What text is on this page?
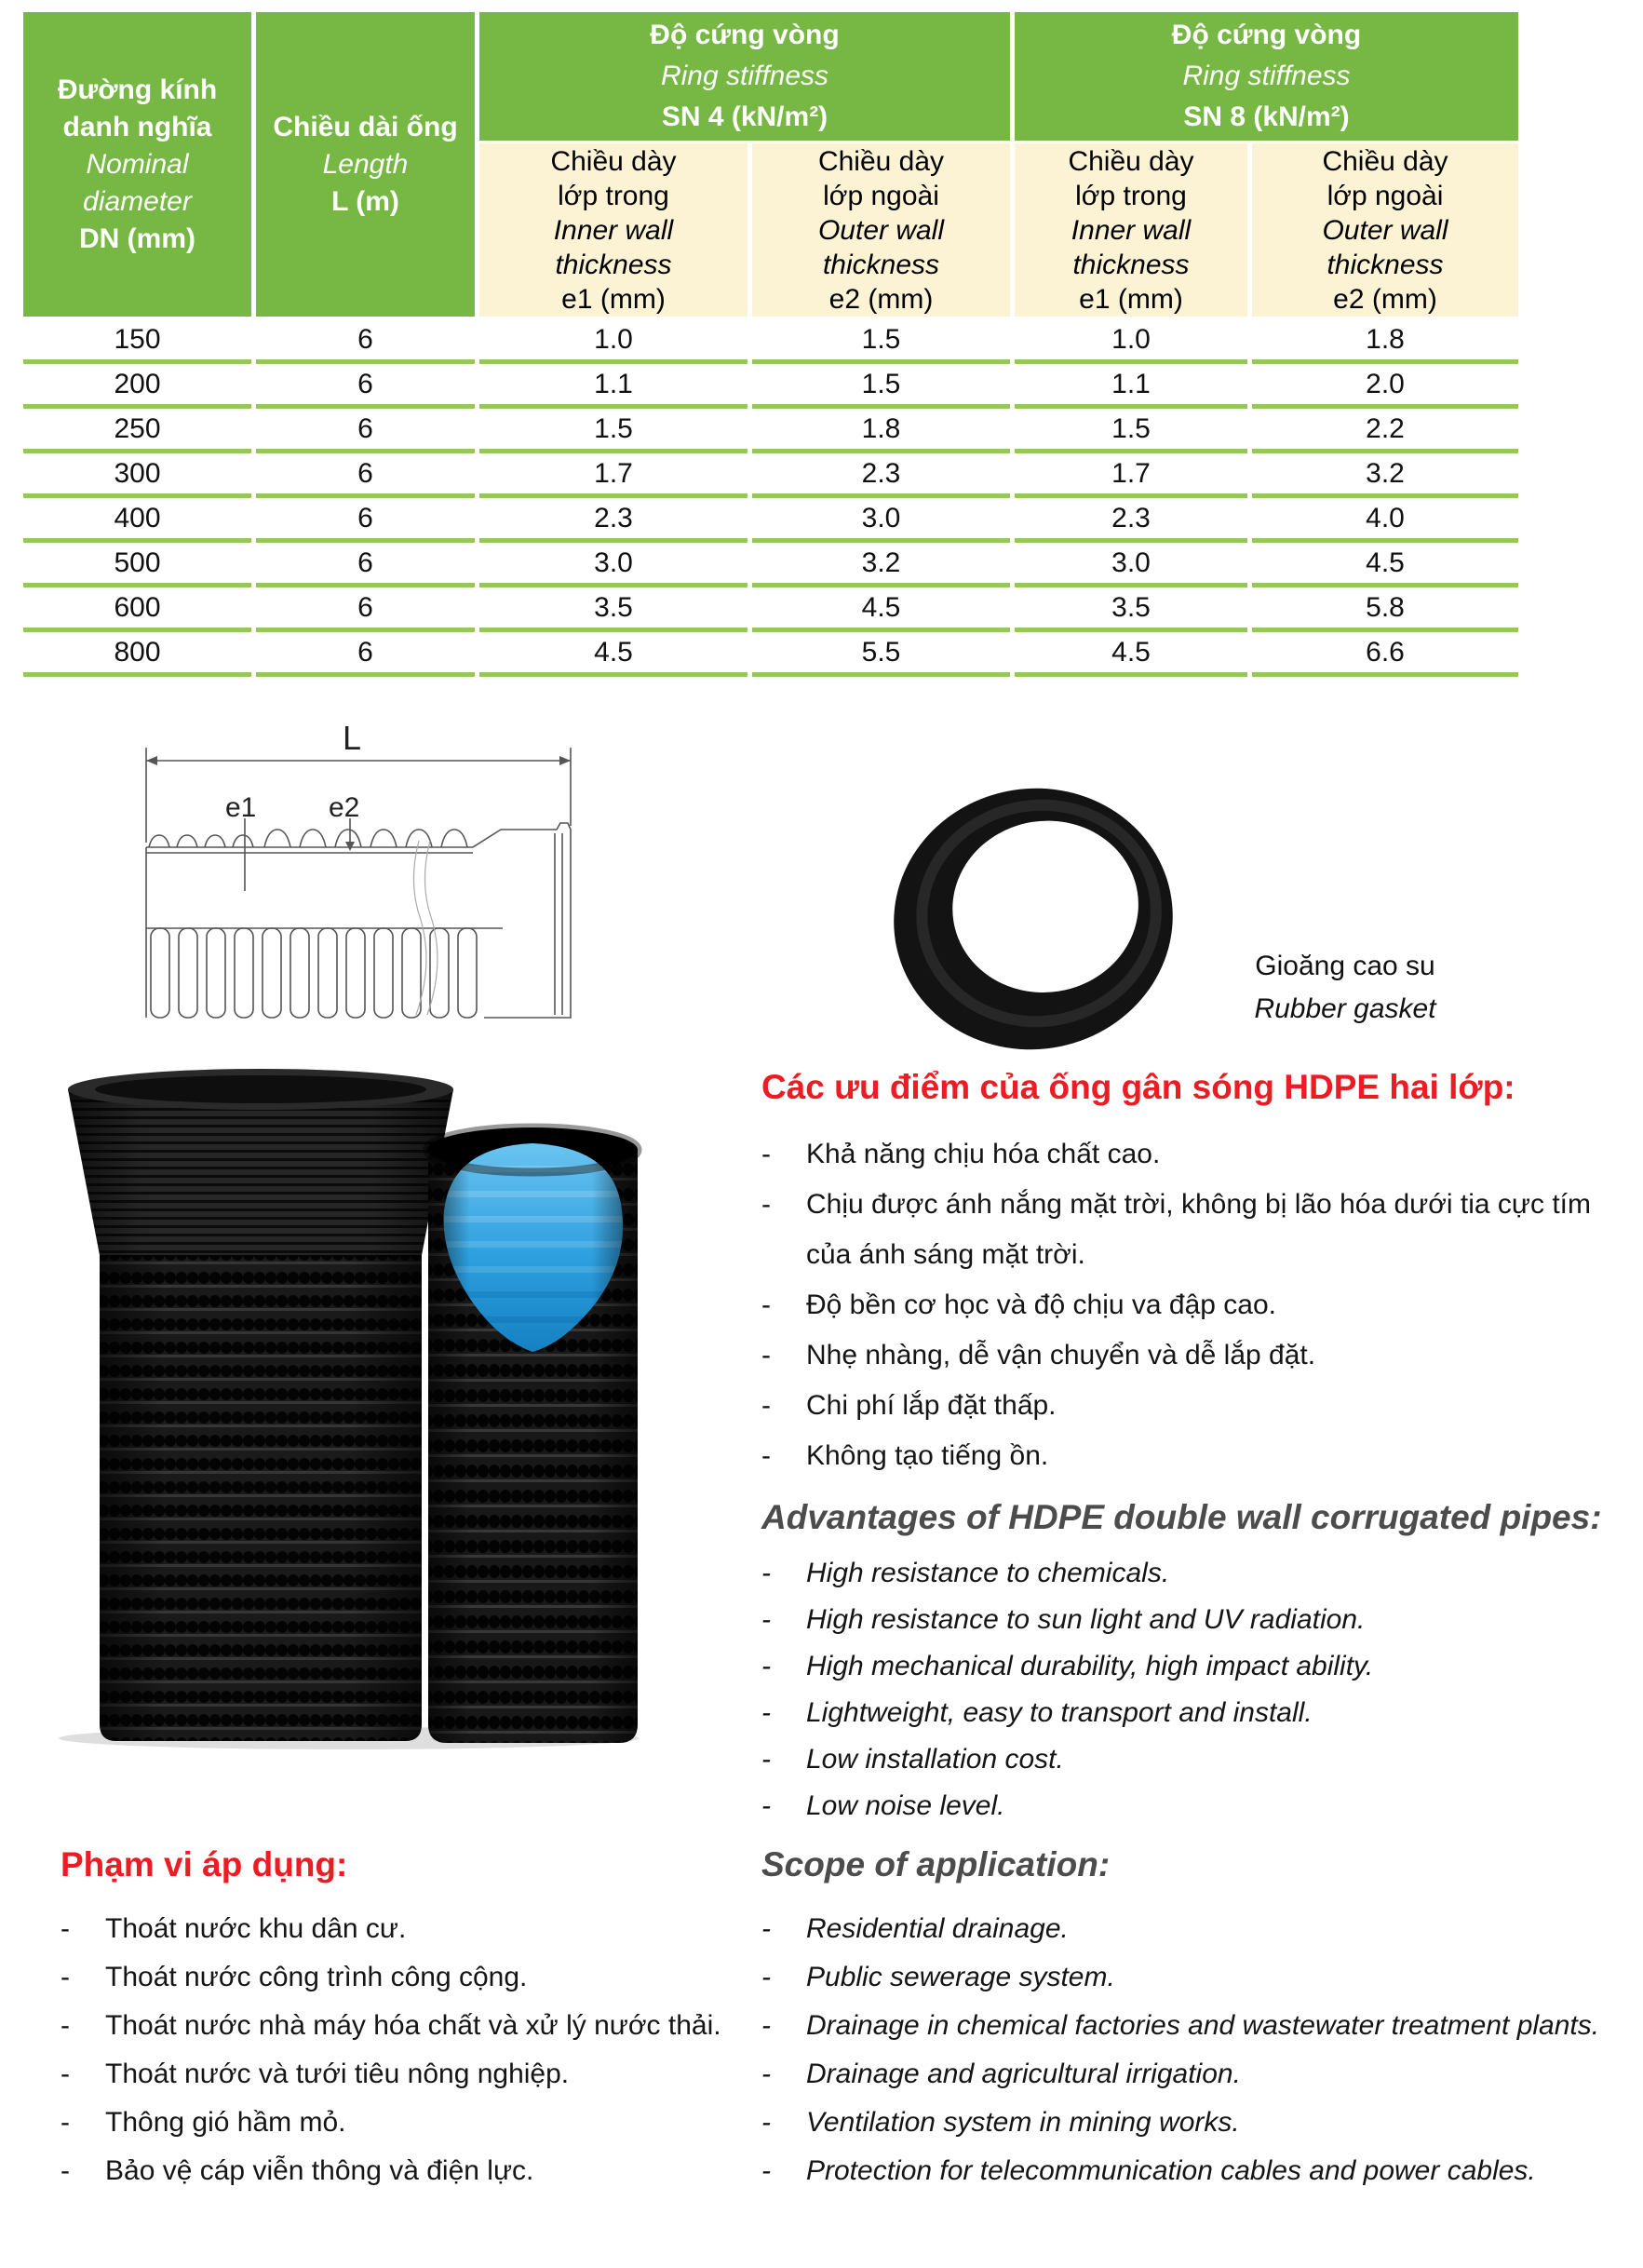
Đường kính danh nghĩa
Nominal diameter
DN (mm)

Chiều dài ống
Length
L (m)

Độ cứng vòng
Ring stiffness
SN 4 (kN/m²)

Độ cứng vòng
Ring stiffness
SN 8 (kN/m²)

Chiều dày lớp trong
Inner wall thickness
e1 (mm)

Chiều dày lớp ngoài
Outer wall thickness
e2 (mm)

Chiều dày lớp trong
Inner wall thickness
e1 (mm)

Chiều dày lớp ngoài
Outer wall thickness
e2 (mm)

150	6	1.0	1.5	1.0	1.8
200	6	1.1	1.5	1.1	2.0
250	6	1.5	1.8	1.5	2.2
300	6	1.7	2.3	1.7	3.2
400	6	2.3	3.0	2.3	4.0
500	6	3.0	3.2	3.0	4.5
600	6	3.5	4.5	3.5	5.8
800	6	4.5	5.5	4.5	6.6
L
e1	e2
Gioăng cao su
Rubber gasket
Các ưu điểm của ống gân sóng HDPE hai lớp:
- Khả năng chịu hóa chất cao.
- Chịu được ánh nắng mặt trời, không bị lão hóa dưới tia cực tím của ánh sáng mặt trời.
- Độ bền cơ học và độ chịu va đập cao.
- Nhẹ nhàng, dễ vận chuyển và dễ lắp đặt.
- Chi phí lắp đặt thấp.
- Không tạo tiếng ồn.
Advantages of HDPE double wall corrugated pipes:
- High resistance to chemicals.
- High resistance to sun light and UV radiation.
- High mechanical durability, high impact ability.
- Lightweight, easy to transport and install.
- Low installation cost.
- Low noise level.
Phạm vi áp dụng:
- Thoát nước khu dân cư.
- Thoát nước công trình công cộng.
- Thoát nước nhà máy hóa chất và xử lý nước thải.
- Thoát nước và tưới tiêu nông nghiệp.
- Thông gió hầm mỏ.
- Bảo vệ cáp viễn thông và điện lực.
Scope of application:
- Residential drainage.
- Public sewerage system.
- Drainage in chemical factories and wastewater treatment plants.
- Drainage and agricultural irrigation.
- Ventilation system in mining works.
- Protection for telecommunication cables and power cables.
